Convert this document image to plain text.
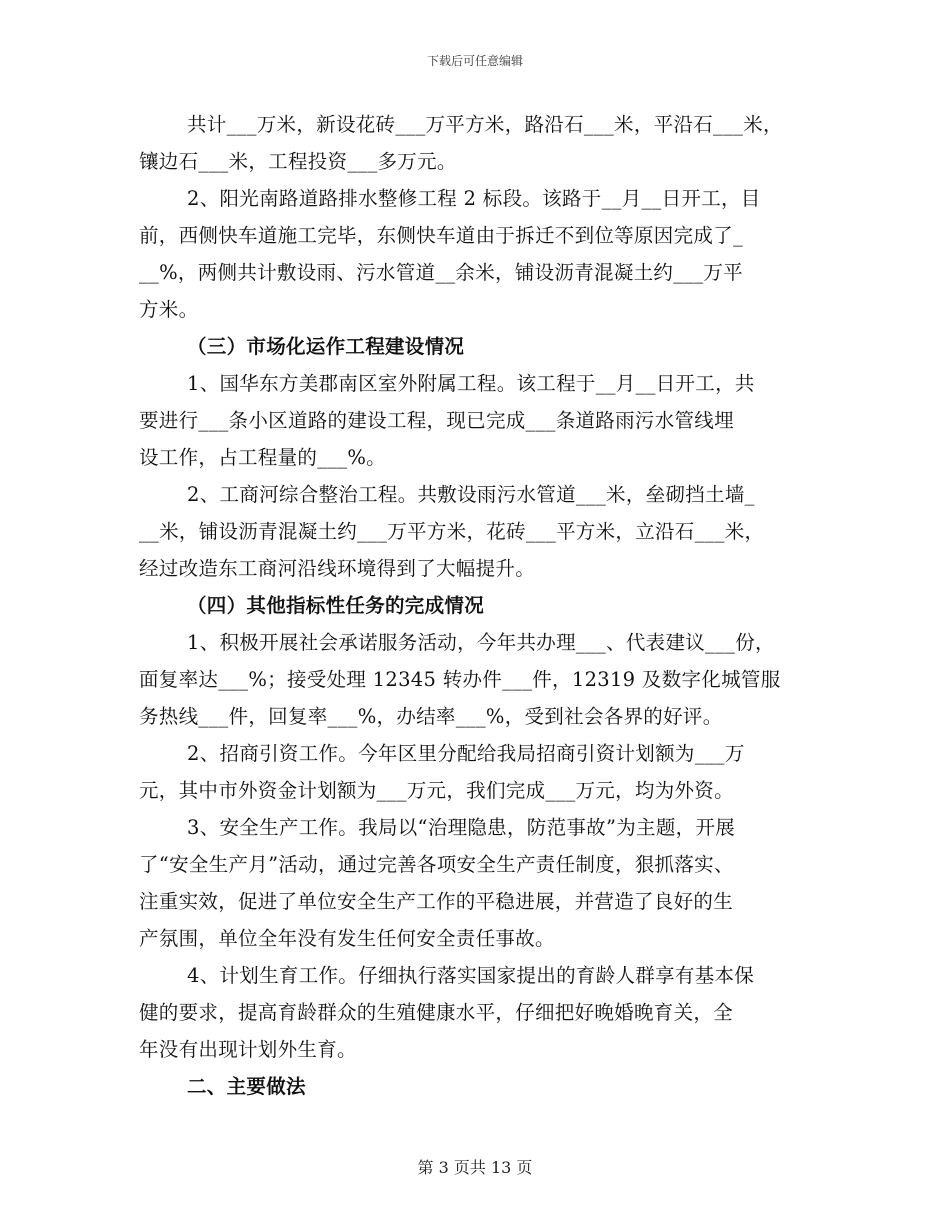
下载后可任意编辑
共计___万米，新设花砖___万平方米，路沿石___米，平沿石___米，
镶边石___米，工程投资___多万元。
2、阳光南路道路排水整修工程 2 标段。该路于__月__日开工，目
前，西侧快车道施工完毕，东侧快车道由于拆迁不到位等原因完成了_
__%，两侧共计敷设雨、污水管道__余米，铺设沥青混凝土约___万平
方米。
（三）市场化运作工程建设情况
1、国华东方美郡南区室外附属工程。该工程于__月__日开工，共
要进行___条小区道路的建设工程，现已完成___条道路雨污水管线埋
设工作，占工程量的___%。
2、工商河综合整治工程。共敷设雨污水管道___米，垒砌挡土墙_
__米，铺设沥青混凝土约___万平方米，花砖___平方米，立沿石___米，
经过改造东工商河沿线环境得到了大幅提升。
（四）其他指标性任务的完成情况
1、积极开展社会承诺服务活动，今年共办理___、代表建议___份，
面复率达___%；接受处理 12345 转办件___件，12319 及数字化城管服
务热线___件，回复率___%，办结率___%，受到社会各界的好评。
2、招商引资工作。今年区里分配给我局招商引资计划额为___万
元，其中市外资金计划额为___万元，我们完成___万元，均为外资。
3、安全生产工作。我局以“治理隐患，防范事故”为主题，开展
了“安全生产月”活动，通过完善各项安全生产责任制度，狠抓落实、
注重实效，促进了单位安全生产工作的平稳进展，并营造了良好的生
产氛围，单位全年没有发生任何安全责任事故。
4、计划生育工作。仔细执行落实国家提出的育龄人群享有基本保
健的要求，提高育龄群众的生殖健康水平，仔细把好晚婚晚育关，全
年没有出现计划外生育。
二、主要做法
第 3 页共 13 页
